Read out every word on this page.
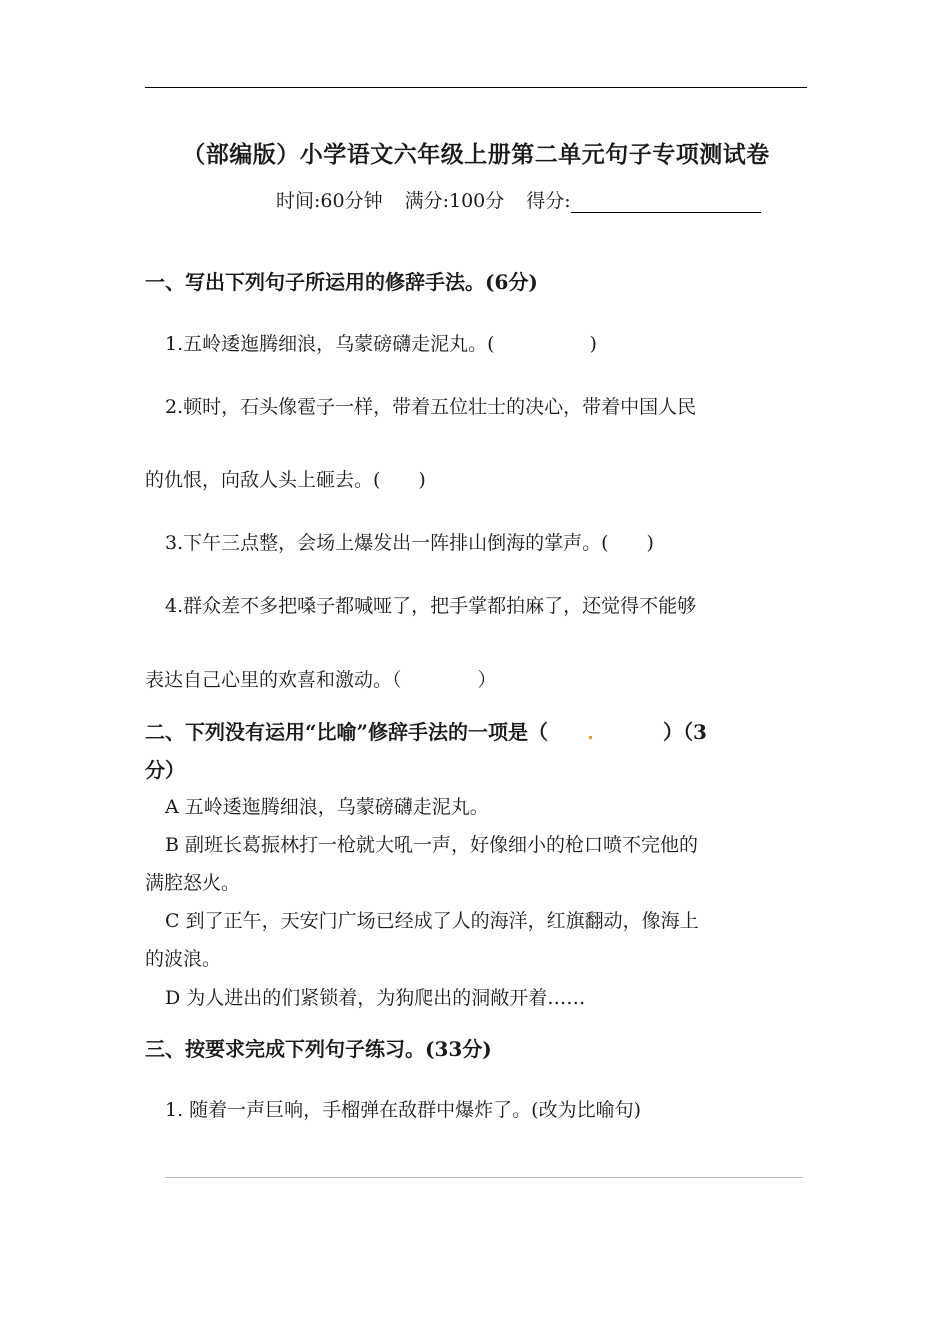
（部编版）小学语文六年级上册第二单元句子专项测试卷
时间:60分钟 满分:100分 得分:
一、写出下列句子所运用的修辞手法。(6分)
1.五岭逶迤腾细浪，乌蒙磅礴走泥丸。(　　　　　)
2.顿时，石头像雹子一样，带着五位壮士的决心，带着中国人民
的仇恨，向敌人头上砸去。(　　)
3.下午三点整，会场上爆发出一阵排山倒海的掌声。(　　)
4.群众差不多把嗓子都喊哑了，把手掌都拍麻了，还觉得不能够
表达自己心里的欢喜和激动。（　　　　）
二、下列没有运用“比喻”修辞手法的一项是（	）（3
分）
A 五岭逶迤腾细浪，乌蒙磅礴走泥丸。
B 副班长葛振林打一枪就大吼一声，好像细小的枪口喷不完他的
满腔怒火。
C 到了正午，天安门广场已经成了人的海洋，红旗翻动，像海上
的波浪。
D 为人进出的们紧锁着，为狗爬出的洞敞开着……
三、按要求完成下列句子练习。(33分)
1. 随着一声巨响，手榴弹在敌群中爆炸了。(改为比喻句)
